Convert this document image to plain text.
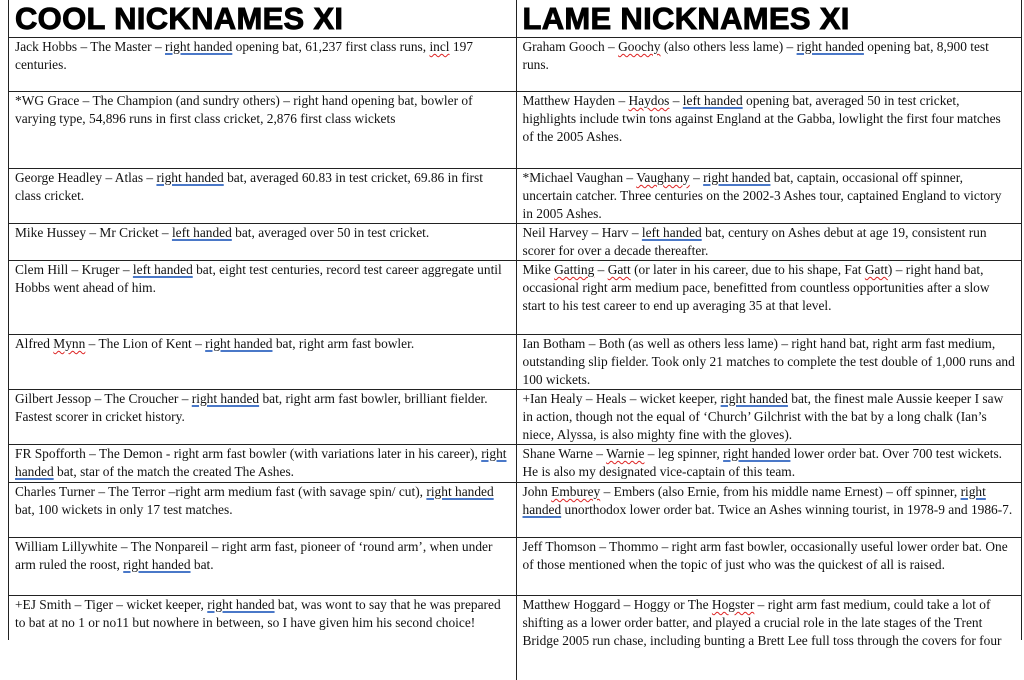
COOL NICKNAMES XI	LAME NICKNAMES XI
Jack Hobbs – The Master – right handed opening bat, 61,237 first class runs, incl 197 centuries.	Graham Gooch – Goochy (also others less lame) – right handed opening bat, 8,900 test runs.
*WG Grace – The Champion (and sundry others) – right hand opening bat, bowler of varying type, 54,896 runs in first class cricket, 2,876 first class wickets	Matthew Hayden – Haydos – left handed opening bat, averaged 50 in test cricket, highlights include twin tons against England at the Gabba, lowlight the first four matches of the 2005 Ashes.
George Headley – Atlas – right handed bat, averaged 60.83 in test cricket, 69.86 in first class cricket.	*Michael Vaughan – Vaughany – right handed bat, captain, occasional off spinner, uncertain catcher. Three centuries on the 2002-3 Ashes tour, captained England to victory in 2005 Ashes.
Mike Hussey – Mr Cricket – left handed bat, averaged over 50 in test cricket.	Neil Harvey – Harv – left handed bat, century on Ashes debut at age 19, consistent run scorer for over a decade thereafter.
Clem Hill – Kruger – left handed bat, eight test centuries, record test career aggregate until Hobbs went ahead of him.	Mike Gatting – Gatt (or later in his career, due to his shape, Fat Gatt) – right hand bat, occasional right arm medium pace, benefitted from countless opportunities after a slow start to his test career to end up averaging 35 at that level.
Alfred Mynn – The Lion of Kent – right handed bat, right arm fast bowler.	Ian Botham – Both (as well as others less lame) – right hand bat, right arm fast medium, outstanding slip fielder. Took only 21 matches to complete the test double of 1,000 runs and 100 wickets.
Gilbert Jessop – The Croucher – right handed bat, right arm fast bowler, brilliant fielder. Fastest scorer in cricket history.	+Ian Healy – Heals – wicket keeper, right handed bat, the finest male Aussie keeper I saw in action, though not the equal of ‘Church’ Gilchrist with the bat by a long chalk (Ian’s niece, Alyssa, is also mighty fine with the gloves).
FR Spofforth – The Demon - right arm fast bowler (with variations later in his career), right handed bat, star of the match the created The Ashes.	Shane Warne – Warnie – leg spinner, right handed lower order bat. Over 700 test wickets. He is also my designated vice-captain of this team.
Charles Turner – The Terror –right arm medium fast (with savage spin/ cut), right handed bat, 100 wickets in only 17 test matches.	John Emburey – Embers (also Ernie, from his middle name Ernest) – off spinner, right handed unorthodox lower order bat. Twice an Ashes winning tourist, in 1978-9 and 1986-7.
William Lillywhite – The Nonpareil – right arm fast, pioneer of ‘round arm’, when under arm ruled the roost, right handed bat.	Jeff Thomson – Thommo – right arm fast bowler, occasionally useful lower order bat. One of those mentioned when the topic of just who was the quickest of all is raised.
+EJ Smith – Tiger – wicket keeper, right handed bat, was wont to say that he was prepared to bat at no 1 or no11 but nowhere in between, so I have given him his second choice!	Matthew Hoggard – Hoggy or The Hogster – right arm fast medium, could take a lot of shifting as a lower order batter, and played a crucial role in the late stages of the Trent Bridge 2005 run chase, including bunting a Brett Lee full toss through the covers for four
